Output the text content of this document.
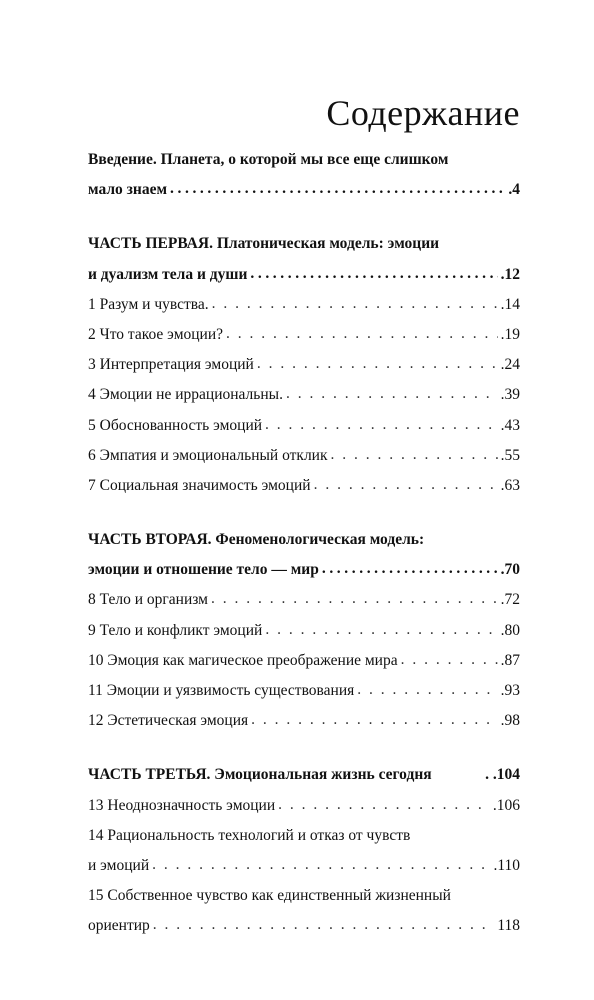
Содержание
Введение. Планета, о которой мы все еще слишком
мало знаем .....	.4
ЧАСТЬ ПЕРВАЯ. Платоническая модель: эмоции
и дуализм тела и души .....	.12
1 Разум и чувства. . . .	.14
2 Что такое эмоции? . . .	.19
3 Интерпретация эмоций . . .	.24
4 Эмоции не иррациональны. . . .	.39
5 Обоснованность эмоций . . .	.43
6 Эмпатия и эмоциональный отклик . . .	.55
7 Социальная значимость эмоций . . .	.63
ЧАСТЬ ВТОРАЯ. Феноменологическая модель:
эмоции и отношение тело — мир .....	.70
8 Тело и организм . . .	.72
9 Тело и конфликт эмоций . . .	.80
10 Эмоция как магическое преображение мира . . .	.87
11 Эмоции и уязвимость существования . . .	.93
12 Эстетическая эмоция . . .	.98
ЧАСТЬ ТРЕТЬЯ. Эмоциональная жизнь сегодня	. .104
13 Неоднозначность эмоции . . .	.106
14 Рациональность технологий и отказ от чувств
и эмоций . . .	.110
15 Собственное чувство как единственный жизненный
ориентир . . .	118
